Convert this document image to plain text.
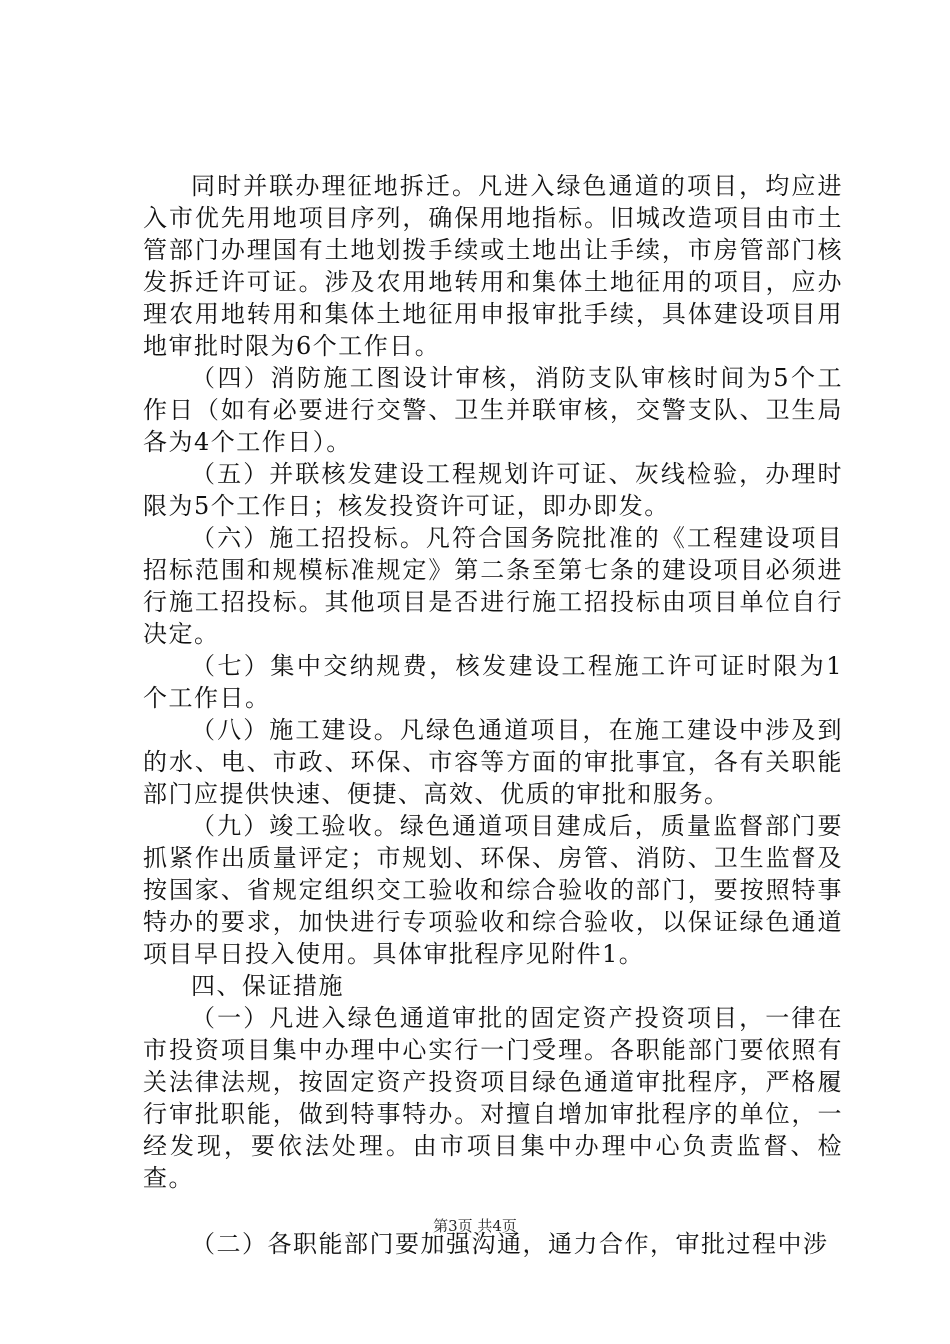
同时并联办理征地拆迁。凡进入绿色通道的项目，均应进入市优先用地项目序列，确保用地指标。旧城改造项目由市土管部门办理国有土地划拨手续或土地出让手续，市房管部门核发拆迁许可证。涉及农用地转用和集体土地征用的项目，应办理农用地转用和集体土地征用申报审批手续，具体建设项目用地审批时限为6个工作日。

（四）消防施工图设计审核，消防支队审核时间为5个工作日（如有必要进行交警、卫生并联审核，交警支队、卫生局各为4个工作日）。

（五）并联核发建设工程规划许可证、灰线检验，办理时限为5个工作日；核发投资许可证，即办即发。

（六）施工招投标。凡符合国务院批准的《工程建设项目招标范围和规模标准规定》第二条至第七条的建设项目必须进行施工招投标。其他项目是否进行施工招投标由项目单位自行决定。

（七）集中交纳规费，核发建设工程施工许可证时限为1个工作日。

（八）施工建设。凡绿色通道项目，在施工建设中涉及到的水、电、市政、环保、市容等方面的审批事宜，各有关职能部门应提供快速、便捷、高效、优质的审批和服务。

（九）竣工验收。绿色通道项目建成后，质量监督部门要抓紧作出质量评定；市规划、环保、房管、消防、卫生监督及按国家、省规定组织交工验收和综合验收的部门，要按照特事特办的要求，加快进行专项验收和综合验收，以保证绿色通道项目早日投入使用。具体审批程序见附件1。

四、保证措施

（一）凡进入绿色通道审批的固定资产投资项目，一律在市投资项目集中办理中心实行一门受理。各职能部门要依照有关法律法规，按固定资产投资项目绿色通道审批程序，严格履行审批职能，做到特事特办。对擅自增加审批程序的单位，一经发现，要依法处理。由市项目集中办理中心负责监督、检查。

（二）各职能部门要加强沟通，通力合作，审批过程中涉

第3页 共4页
